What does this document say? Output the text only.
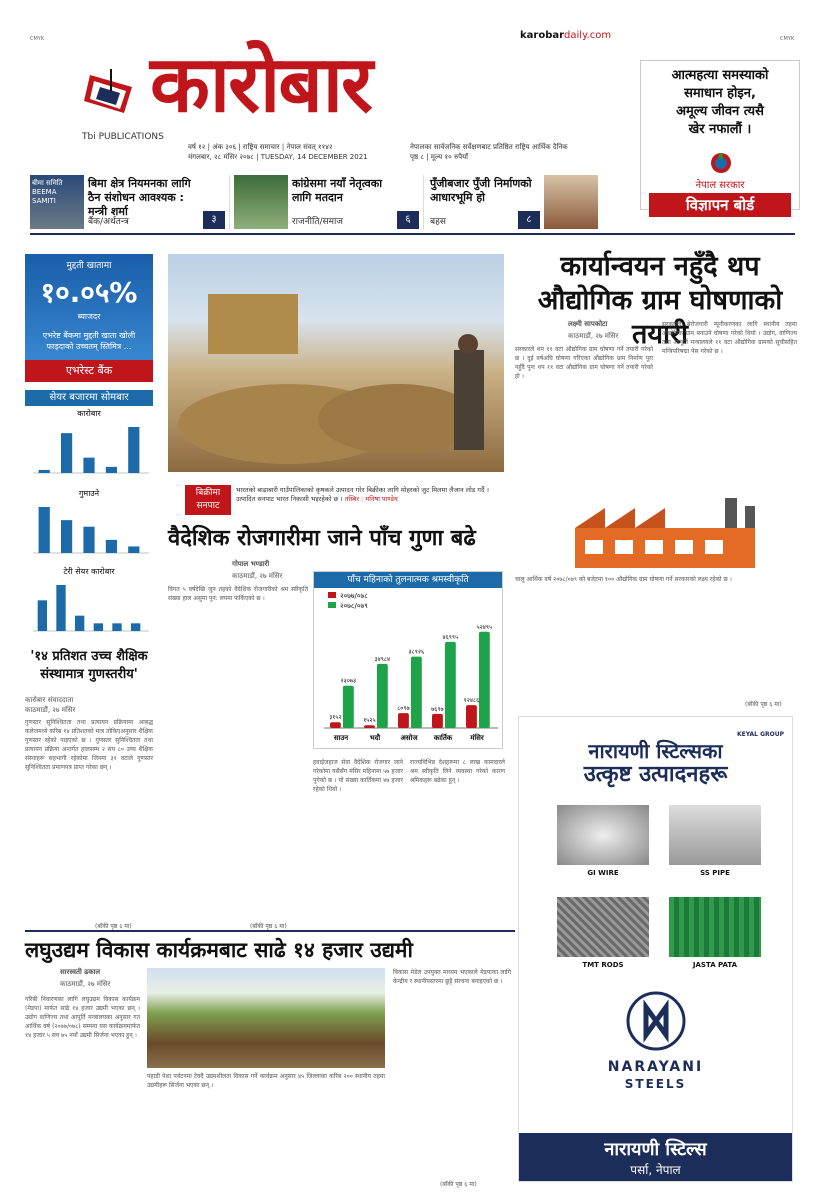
CMYK	CMYK
Tbi PUBLICATIONS
karobardaily.com
कारोबार
वर्ष १२ | अंक ३०६ | राष्ट्रिय समाचार | नेपाल संवत् ११४२	नेपालका सार्वजनिक सर्वेक्षणबाट प्रतिष्ठित राष्ट्रिय आर्थिक दैनिक
मंगलबार, २८ मंसिर २०७८ | TUESDAY, 14 DECEMBER 2021	पृष्ठ ८ | मूल्य १० रुपैयाँ
आत्महत्या समस्याको
समाधान होइन,
अमूल्य जीवन त्यसै
खेर नफालौं ।
नेपाल सरकार
विज्ञापन बोर्ड
बीमा समिति BEEMA SAMITI
बिमा क्षेत्र नियमनका लागि ठैन संशोधन आवश्यक : मन्त्री शर्मा
बैंक/अर्थतन्त्र	३
कांग्रेसमा नयाँ नेतृत्वका लागि मतदान
राजनीति/समाज	६
पुँजीबजार पुँजी निर्माणको आधारभूमि हो
बहस	८
मुद्दती खातामा
१०.०५%
ब्याजदर
एभरेष्ट बैंकमा मुद्दती खाता खोली फाइदाको उच्चतम् स्तिमित्र ...
एभरेस्ट बैंक
सेयर बजारमा सोमबार
कारोबार
गुमाउने
टेरी सेयर कारोबार
'१४ प्रतिशत उच्च शैक्षिक संस्थामात्र गुणस्तरीय'
कारोबार संवाददाता
काठमाडौं, २७ मंसिर
गुणस्तर सुनिश्चितता तथा प्रत्यायन प्रक्रियामा आबद्ध कलेजमध्ये करिब १४ प्रतिशतको मात्र तोकिएअनुसार शैक्षिक गुणस्तर रहेको पाइएको छ । गुणस्तर सुनिश्चितता तथा प्रत्यायन प्रक्रिया अन्तर्गत हालसम्म २ सय ८० उच्च शैक्षिक संस्थाहरू सहभागी रहेकोमा जिनमा ३१ वटाले गुणस्तर सुनिश्चितता प्रमाणपत्र प्राप्त गरेका छन् ।
(बाँकी पृष्ठ ६ मा)
बिक्रीमा सनपाट
भारतको बाढाबारी गाउँपालिकाको कृषकले उत्पादन गरेर बिक्रीका लागि मोहरको जुट मिलमा लैजान लोड गर्दै । उत्पादित सनपाट भारत निकासी भइरहेको छ । तस्बिर : मनिषा पाण्डेय
कार्यान्वयन नहुँदै थप औद्योगिक ग्राम घोषणाको तयारी
लक्ष्मी सापकोटा
काठमाडौं, २७ मंसिर
सरकारले थप ११ वटा औद्योगिक ग्राम घोषणा गर्ने तयारी गरेको छ । दुई वर्षअघि घोषणा गरिएका औद्योगिक ग्राम निर्माण पूरा नहुँदै पुनः थप ११ वटा औद्योगिक ग्राम घोषणा गर्ने तयारी गरेको हो ।
सरकारले बेरोजगारी न्यूनीकरणका लागि स्थानीय तहमा औद्योगिक ग्राम बनाउने घोषणा गरेको थियो । उद्योग, वाणिज्य तथा आपूर्ति मन्त्रालयले ११ वटा औद्योगिक ग्रामको सूचीसहित मन्त्रिपरिषद्मा पेस गरेको छ ।
चालु आर्थिक वर्ष २०७८/०७९ को बजेटमा १०० औद्योगिक ग्राम घोषणा गर्ने सरकारको लक्ष्य रहेको छ ।
(बाँकी पृष्ठ ६ मा)
वैदेशिक रोजगारीमा जाने पाँच गुणा बढे
गोपाल भण्डारी
काठमाडौं, २७ मंसिर
विगत ५ वर्षदेखि जुन तहको वैदेशिक रोजगारीको श्रम स्वीकृति संख्या हाल असुमा पुन: लयमा फर्किएको छ ।
हवाईजहाज सेवा वैदेशिक रोजगार जाने गरेकोमा यसैसँग मंसिर महिनामा ५७ हजार पुगेको छ । यो संख्या कार्तिकमा ४७ हजार रहेको थियो ।
राज्यविभिन्न देशहरूमा ८ लाख कामदारले श्रम स्वीकृति लिने व्यवस्था गरेको कारण श्रमिकहरू बढेका हुन् ।
(बाँकी पृष्ठ ६ मा)
पाँच महिनाको तुलनात्मक श्रमस्वीकृति
२०७७/०७८
२०७८/०७९
३१५२
२३०७३
साउन
१५२५
३४९८४
भदौ
८०९७
३८९२६
असोज
७६९७
४६९९५
कार्तिक
१२४८६
५२४९५
मंसिर	KEYAL GROUP
नारायणी स्टिल्सका
उत्कृष्ट उत्पादनहरू
GI WIRE	SS PIPE
TMT RODS	JASTA PATA
NARAYANI
STEELS
नारायणी स्टिल्स
पर्सा, नेपाल
लघुउद्यम विकास कार्यक्रमबाट साढे १४ हजार उद्यमी
सारस्वती ढकाल
काठमाडौं, २७ मंसिर
गरिबी निवारणका लागि लघुउद्यम विकास कार्यक्रम (मेडपा) मार्फत साढे १४ हजार उद्यमी भएका छन् । उद्योग वाणिज्य तथा आपूर्ति मन्त्रालयका अनुसार गत आर्थिक वर्ष (२०७७/०७८) सम्ममा यस कार्यक्रममार्फत १४ हजार ५ सय ७५ नयाँ उद्यमी सिर्जना भएका हुन् ।
पहाडी पेशा पर्यटनमा टेक्दै उद्यमशीलता विकास गर्ने कार्यक्रम अनुसार ४५ जिल्लाका करिब २०० स्थानीय तहमा उद्यमीहरू सिर्जना भएका छन् ।
विकास मेडेल उपयुक्त माध्यम भएकाले मेडपाका लागि केन्द्रीय र स्थानीयस्तरमा छुट्टै संरचना बनाइएको छ ।
(बाँकी पृष्ठ ६ मा)
